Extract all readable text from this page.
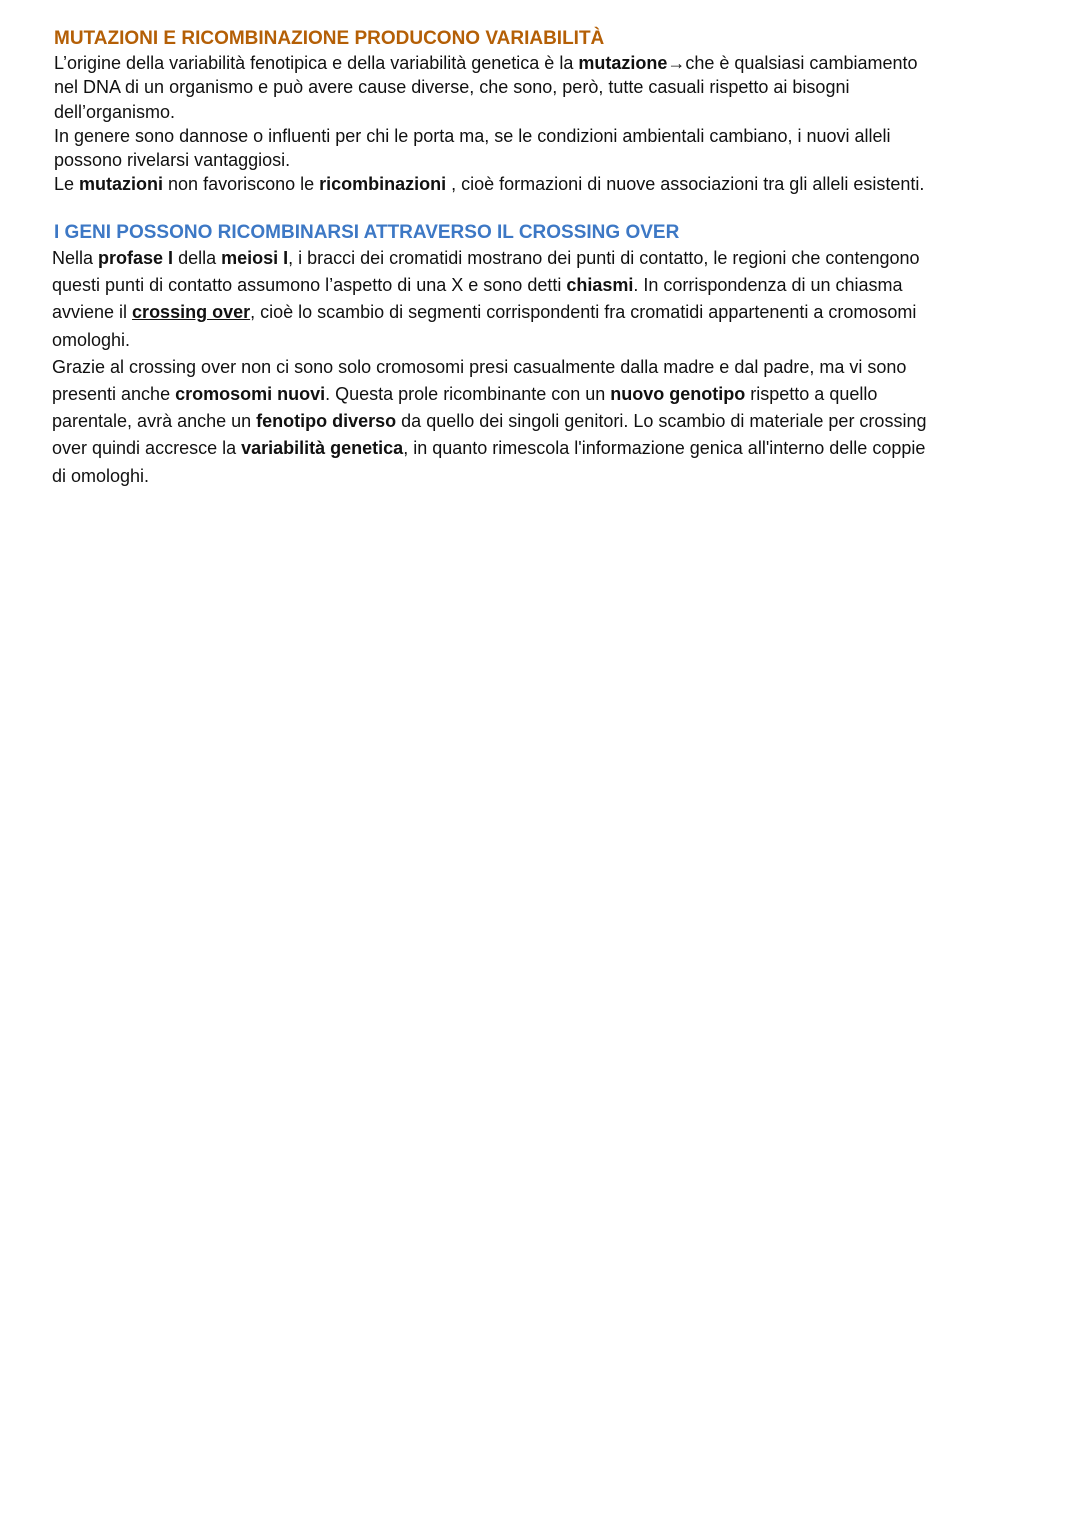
MUTAZIONI E RICOMBINAZIONE PRODUCONO VARIABILITÀ

L’origine della variabilità fenotipica e della variabilità genetica è la mutazione→che è qualsiasi cambiamento
nel DNA di un organismo e può avere cause diverse, che sono, però, tutte casuali rispetto ai bisogni
dell’organismo.

In genere sono dannose o influenti per chi le porta ma, se le condizioni ambientali cambiano, i nuovi alleli
possono rivelarsi vantaggiosi.

Le mutazioni non favoriscono le ricombinazioni , cioè formazioni di nuove associazioni tra gli alleli esistenti.

I GENI POSSONO RICOMBINARSI ATTRAVERSO IL CROSSING OVER

Nella profase I della meiosi I, i bracci dei cromatidi mostrano dei punti di contatto, le regioni che contengono
questi punti di contatto assumono l’aspetto di una X e sono detti chiasmi. In corrispondenza di un chiasma
avviene il crossing over, cioè lo scambio di segmenti corrispondenti fra cromatidi appartenenti a cromosomi
omologhi.

Grazie al crossing over non ci sono solo cromosomi presi casualmente dalla madre e dal padre, ma vi sono
presenti anche cromosomi nuovi. Questa prole ricombinante con un nuovo genotipo rispetto a quello
parentale, avrà anche un fenotipo diverso da quello dei singoli genitori. Lo scambio di materiale per crossing
over quindi accresce la variabilità genetica, in quanto rimescola l'informazione genica all'interno delle coppie
di omologhi.
